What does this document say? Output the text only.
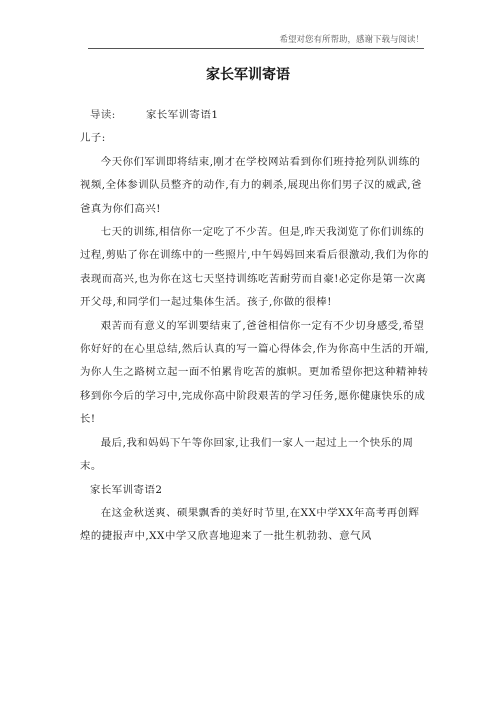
希望对您有所帮助，感谢下载与阅读！
家长军训寄语

导读:	家长军训寄语1

儿子:

今天你们军训即将结束,刚才在学校网站看到你们班持抢列队训练的视频,全体参训队员整齐的动作,有力的刺杀,展现出你们男子汉的威武,爸爸真为你们高兴!

七天的训练,相信你一定吃了不少苦。但是,昨天我浏览了你们训练的过程,剪贴了你在训练中的一些照片,中午妈妈回来看后很激动,我们为你的表现而高兴,也为你在这七天坚持训练吃苦耐劳而自豪!必定你是第一次离开父母,和同学们一起过集体生活。孩子,你做的很棒!

艰苦而有意义的军训要结束了,爸爸相信你一定有不少切身感受,希望你好好的在心里总结,然后认真的写一篇心得体会,作为你高中生活的开端,为你人生之路树立起一面不怕累肯吃苦的旗帜。更加希望你把这种精神转移到你今后的学习中,完成你高中阶段艰苦的学习任务,愿你健康快乐的成长!

最后,我和妈妈下午等你回家,让我们一家人一起过上一个快乐的周末。

家长军训寄语2

在这金秋送爽、硕果飘香的美好时节里,在XX中学XX年高考再创辉煌的捷报声中,XX中学又欣喜地迎来了一批生机勃勃、意气风
